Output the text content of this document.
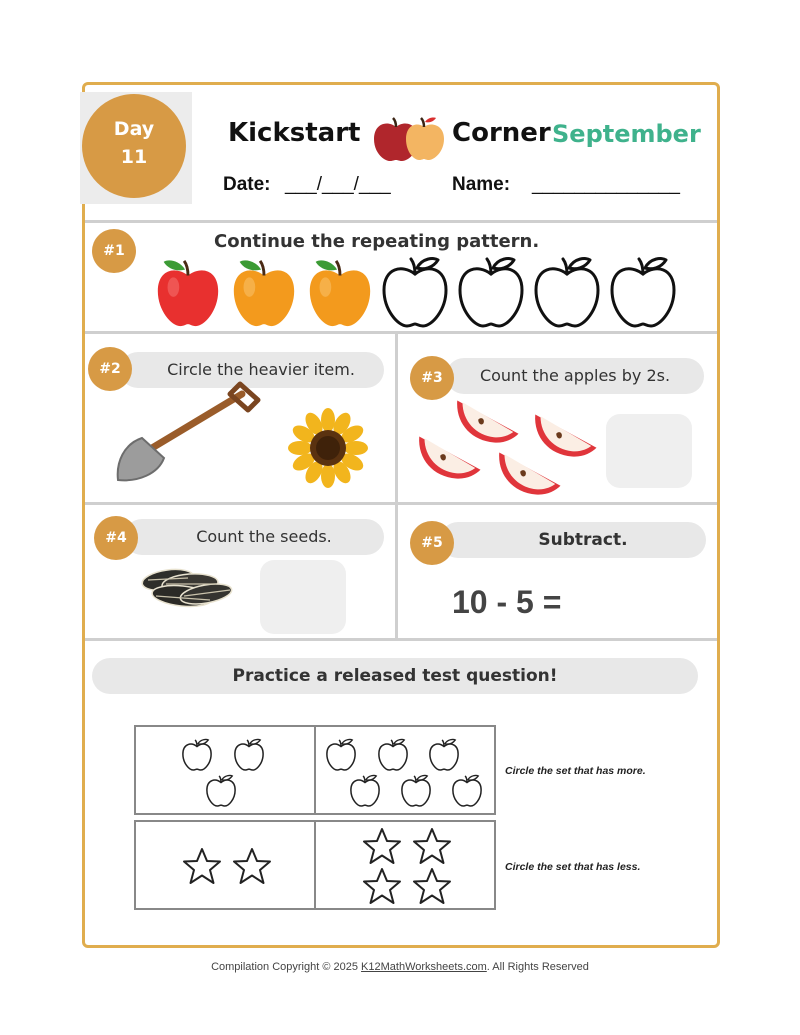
Day
11
Kickstart	Corner September
Date: ___/___/___	Name: ______________
#1	Continue the repeating pattern.
Circle the heavier item.
#2	Count the apples by 2s.
#3
Count the seeds.
#4	Subtract.
#5
10 - 5 =
Practice a released test question!
Circle the set that has more.
Circle the set that has less.
Compilation Copyright © 2025 K12MathWorksheets.com. All Rights Reserved
